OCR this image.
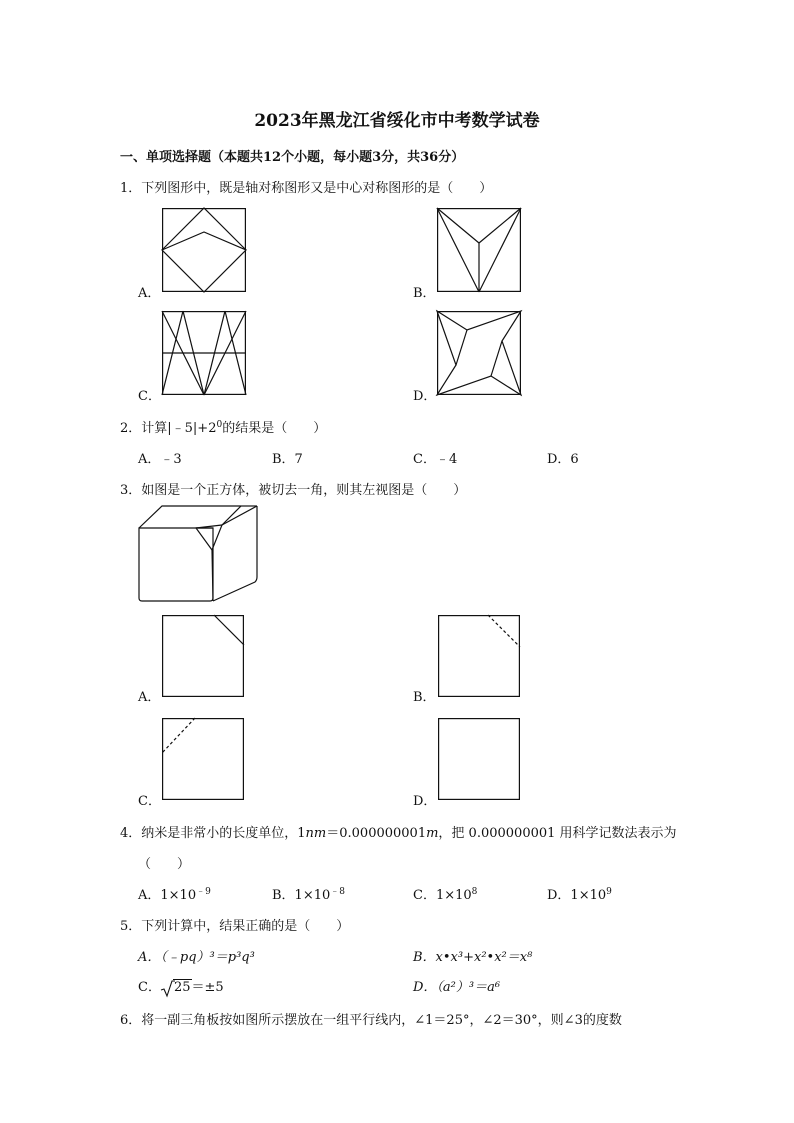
2023年黑龙江省绥化市中考数学试卷
一、单项选择题（本题共12个小题，每小题3分，共36分）
1．下列图形中，既是轴对称图形又是中心对称图形的是（　　）
A．	B．
C．	D．
2．计算$|﹣5|+2^0$的结果是（　　）
A．﹣3	B．7	C．﹣4	D．6
3．如图是一个正方体，被切去一角，则其左视图是（　　）
A．	B．
C．	D．
4．纳米是非常小的长度单位，1nm＝0.000000001m，把 0.000000001 用科学记数法表示为
（　　）
A．$1\times 10^{﹣9}$	B．$1\times 10^{﹣8}$	C．$1\times 10^8$	D．$1\times 10^9$
5．下列计算中，结果正确的是（　　）
A．（﹣pq）³＝p³q³	B．x•x³+x²•x²＝x⁸
C． 25＝±5	D．（a²）³＝a⁶
6．将一副三角板按如图所示摆放在一组平行线内，∠1＝25°，∠2＝30°，则∠3的度数
